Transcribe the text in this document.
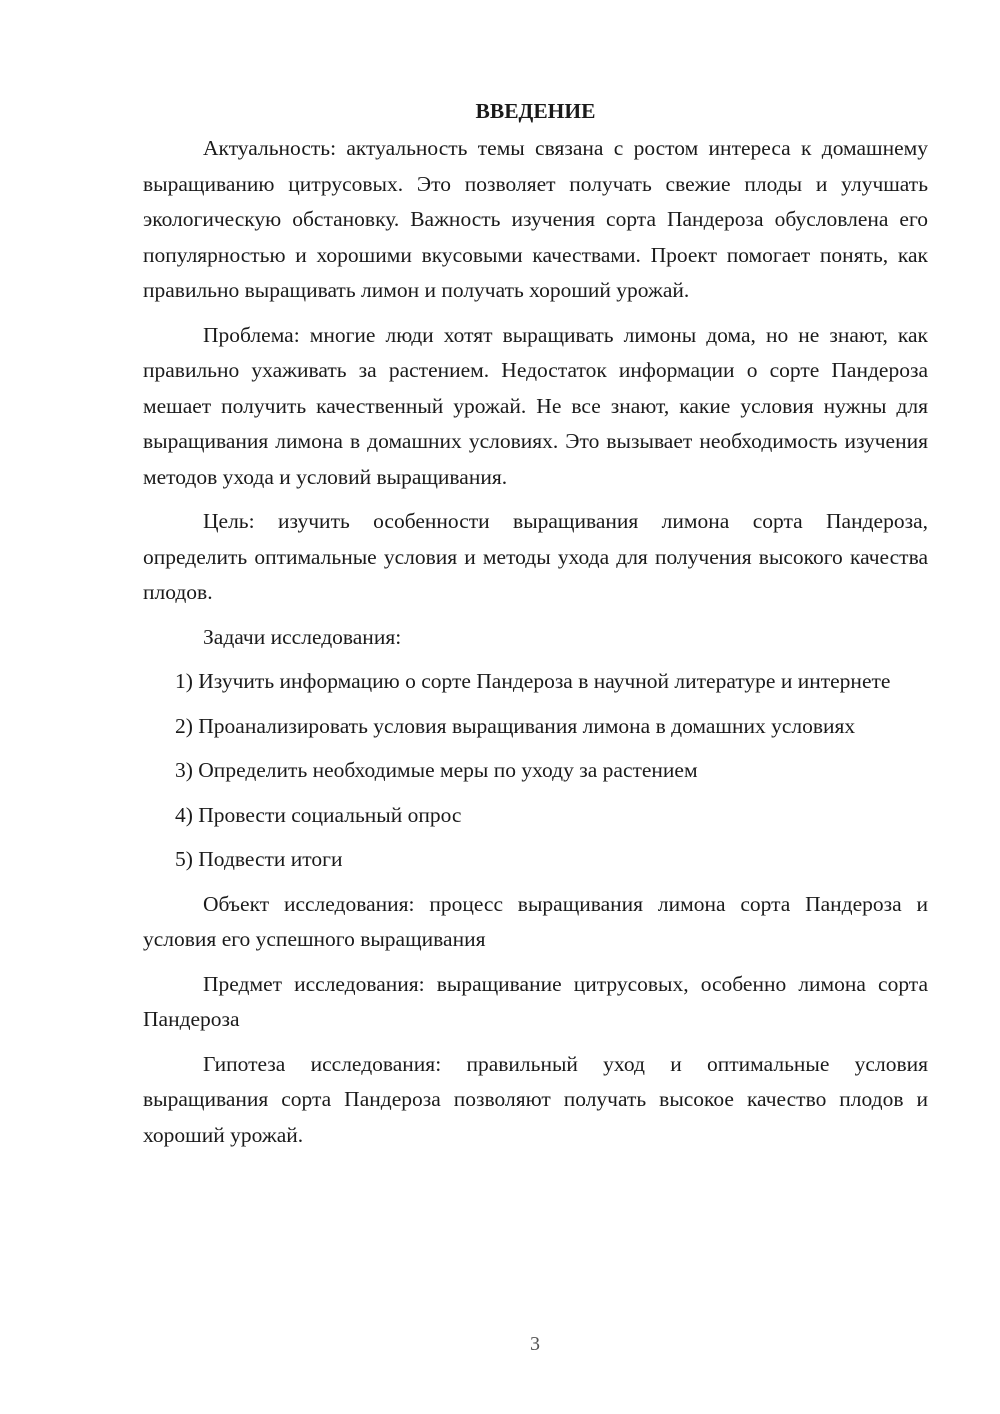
ВВЕДЕНИЕ

Актуальность: актуальность темы связана с ростом интереса к домашнему выращиванию цитрусовых. Это позволяет получать свежие плоды и улучшать экологическую обстановку. Важность изучения сорта Пандероза обусловлена его популярностью и хорошими вкусовыми качествами. Проект помогает понять, как правильно выращивать лимон и получать хороший урожай.

Проблема: многие люди хотят выращивать лимоны дома, но не знают, как правильно ухаживать за растением. Недостаток информации о сорте Пандероза мешает получить качественный урожай. Не все знают, какие условия нужны для выращивания лимона в домашних условиях. Это вызывает необходимость изучения методов ухода и условий выращивания.

Цель: изучить особенности выращивания лимона сорта Пандероза, определить оптимальные условия и методы ухода для получения высокого качества плодов.

Задачи исследования:

1) Изучить информацию о сорте Пандероза в научной литературе и интернете

2) Проанализировать условия выращивания лимона в домашних условиях

3) Определить необходимые меры по уходу за растением

4) Провести социальный опрос

5) Подвести итоги

Объект исследования: процесс выращивания лимона сорта Пандероза и условия его успешного выращивания

Предмет исследования: выращивание цитрусовых, особенно лимона сорта Пандероза

Гипотеза исследования: правильный уход и оптимальные условия выращивания сорта Пандероза позволяют получать высокое качество плодов и хороший урожай.

3
